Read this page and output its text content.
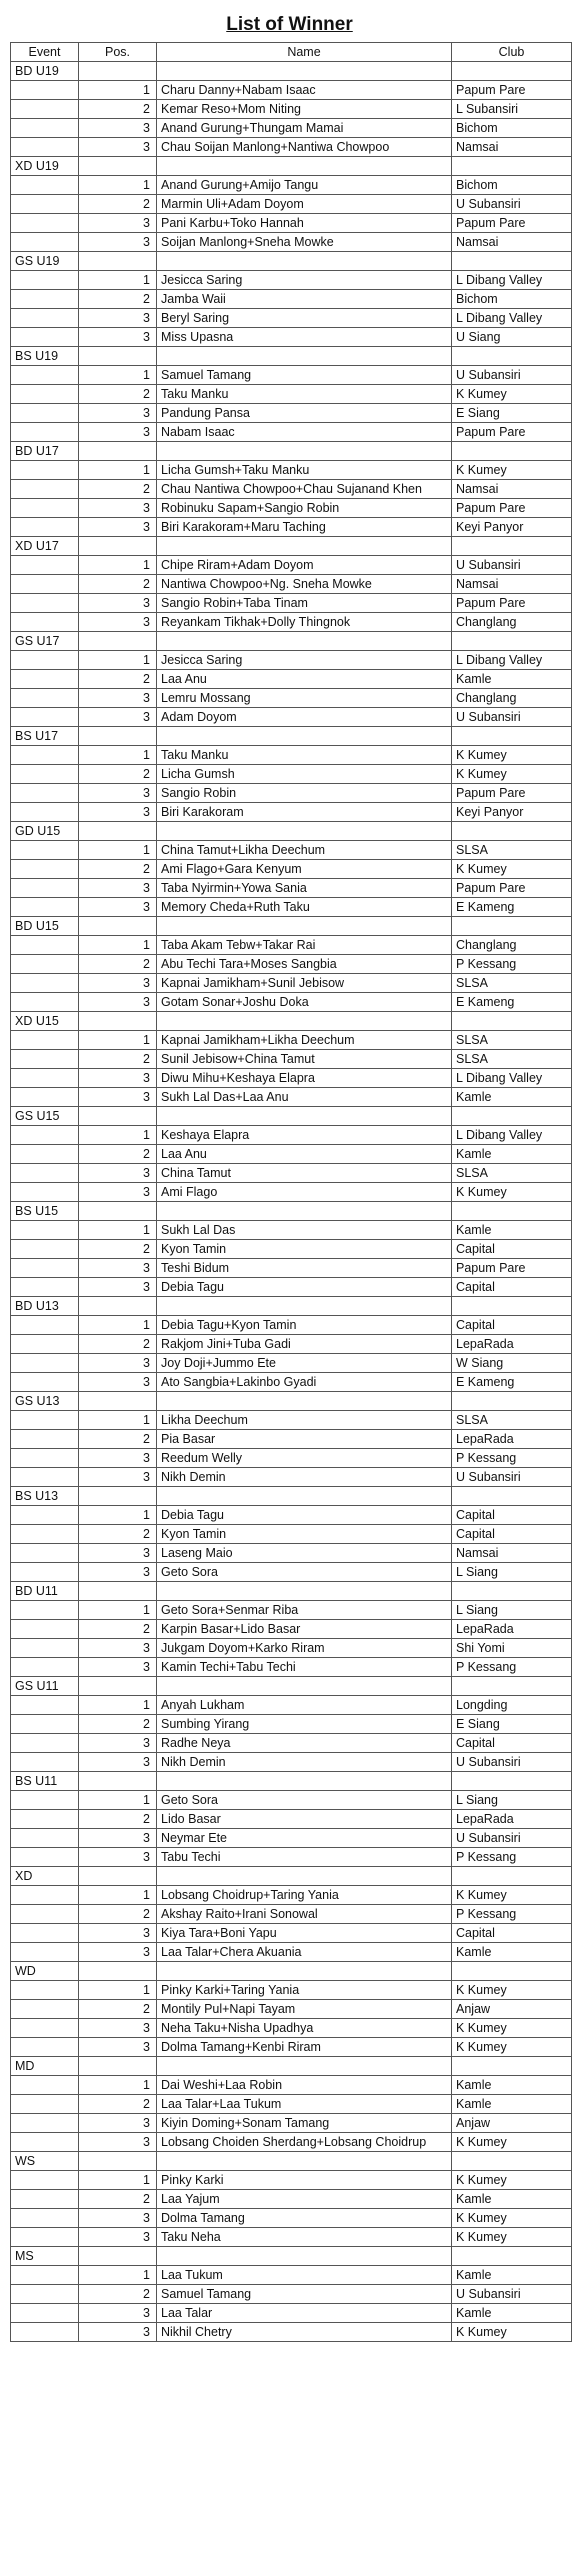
List of Winner
Event	Pos.	Name	Club
BD U19			
	1	Charu Danny+Nabam Isaac	Papum Pare
	2	Kemar Reso+Mom Niting	L Subansiri
	3	Anand Gurung+Thungam Mamai	Bichom
	3	Chau Soijan Manlong+Nantiwa Chowpoo	Namsai
XD U19			
	1	Anand Gurung+Amijo Tangu	Bichom
	2	Marmin Uli+Adam Doyom	U Subansiri
	3	Pani Karbu+Toko Hannah	Papum Pare
	3	Soijan Manlong+Sneha Mowke	Namsai
GS U19			
	1	Jesicca Saring	L Dibang Valley
	2	Jamba Waii	Bichom
	3	Beryl Saring	L Dibang Valley
	3	Miss Upasna	U Siang
BS U19			
	1	Samuel Tamang	U Subansiri
	2	Taku Manku	K Kumey
	3	Pandung Pansa	E Siang
	3	Nabam Isaac	Papum Pare
BD U17			
	1	Licha Gumsh+Taku Manku	K Kumey
	2	Chau Nantiwa Chowpoo+Chau Sujanand Khen	Namsai
	3	Robinuku Sapam+Sangio Robin	Papum Pare
	3	Biri Karakoram+Maru Taching	Keyi Panyor
XD U17			
	1	Chipe Riram+Adam Doyom	U Subansiri
	2	Nantiwa Chowpoo+Ng. Sneha Mowke	Namsai
	3	Sangio Robin+Taba Tinam	Papum Pare
	3	Reyankam Tikhak+Dolly Thingnok	Changlang
GS U17			
	1	Jesicca Saring	L Dibang Valley
	2	Laa Anu	Kamle
	3	Lemru Mossang	Changlang
	3	Adam Doyom	U Subansiri
BS U17			
	1	Taku Manku	K Kumey
	2	Licha Gumsh	K Kumey
	3	Sangio Robin	Papum Pare
	3	Biri Karakoram	Keyi Panyor
GD U15			
	1	China Tamut+Likha Deechum	SLSA
	2	Ami Flago+Gara Kenyum	K Kumey
	3	Taba Nyirmin+Yowa Sania	Papum Pare
	3	Memory Cheda+Ruth Taku	E Kameng
BD U15			
	1	Taba Akam Tebw+Takar Rai	Changlang
	2	Abu Techi Tara+Moses Sangbia	P Kessang
	3	Kapnai Jamikham+Sunil Jebisow	SLSA
	3	Gotam Sonar+Joshu Doka	E Kameng
XD U15			
	1	Kapnai Jamikham+Likha Deechum	SLSA
	2	Sunil Jebisow+China Tamut	SLSA
	3	Diwu Mihu+Keshaya Elapra	L Dibang Valley
	3	Sukh Lal Das+Laa Anu	Kamle
GS U15			
	1	Keshaya Elapra	L Dibang Valley
	2	Laa Anu	Kamle
	3	China Tamut	SLSA
	3	Ami Flago	K Kumey
BS U15			
	1	Sukh Lal Das	Kamle
	2	Kyon Tamin	Capital
	3	Teshi Bidum	Papum Pare
	3	Debia Tagu	Capital
BD U13			
	1	Debia Tagu+Kyon Tamin	Capital
	2	Rakjom Jini+Tuba Gadi	LepaRada
	3	Joy Doji+Jummo Ete	W Siang
	3	Ato Sangbia+Lakinbo Gyadi	E Kameng
GS U13			
	1	Likha Deechum	SLSA
	2	Pia Basar	LepaRada
	3	Reedum Welly	P Kessang
	3	Nikh Demin	U Subansiri
BS U13			
	1	Debia Tagu	Capital
	2	Kyon Tamin	Capital
	3	Laseng Maio	Namsai
	3	Geto Sora	L Siang
BD U11			
	1	Geto Sora+Senmar Riba	L Siang
	2	Karpin Basar+Lido Basar	LepaRada
	3	Jukgam Doyom+Karko Riram	Shi Yomi
	3	Kamin Techi+Tabu Techi	P Kessang
GS U11			
	1	Anyah Lukham	Longding
	2	Sumbing Yirang	E Siang
	3	Radhe Neya	Capital
	3	Nikh Demin	U Subansiri
BS U11			
	1	Geto Sora	L Siang
	2	Lido Basar	LepaRada
	3	Neymar Ete	U Subansiri
	3	Tabu Techi	P Kessang
XD			
	1	Lobsang Choidrup+Taring Yania	K Kumey
	2	Akshay Raito+Irani Sonowal	P Kessang
	3	Kiya Tara+Boni Yapu	Capital
	3	Laa Talar+Chera Akuania	Kamle
WD			
	1	Pinky Karki+Taring Yania	K Kumey
	2	Montily Pul+Napi Tayam	Anjaw
	3	Neha Taku+Nisha Upadhya	K Kumey
	3	Dolma Tamang+Kenbi Riram	K Kumey
MD			
	1	Dai Weshi+Laa Robin	Kamle
	2	Laa Talar+Laa Tukum	Kamle
	3	Kiyin Doming+Sonam Tamang	Anjaw
	3	Lobsang Choiden Sherdang+Lobsang Choidrup	K Kumey
WS			
	1	Pinky Karki	K Kumey
	2	Laa Yajum	Kamle
	3	Dolma Tamang	K Kumey
	3	Taku Neha	K Kumey
MS			
	1	Laa Tukum	Kamle
	2	Samuel Tamang	U Subansiri
	3	Laa Talar	Kamle
	3	Nikhil Chetry	K Kumey
